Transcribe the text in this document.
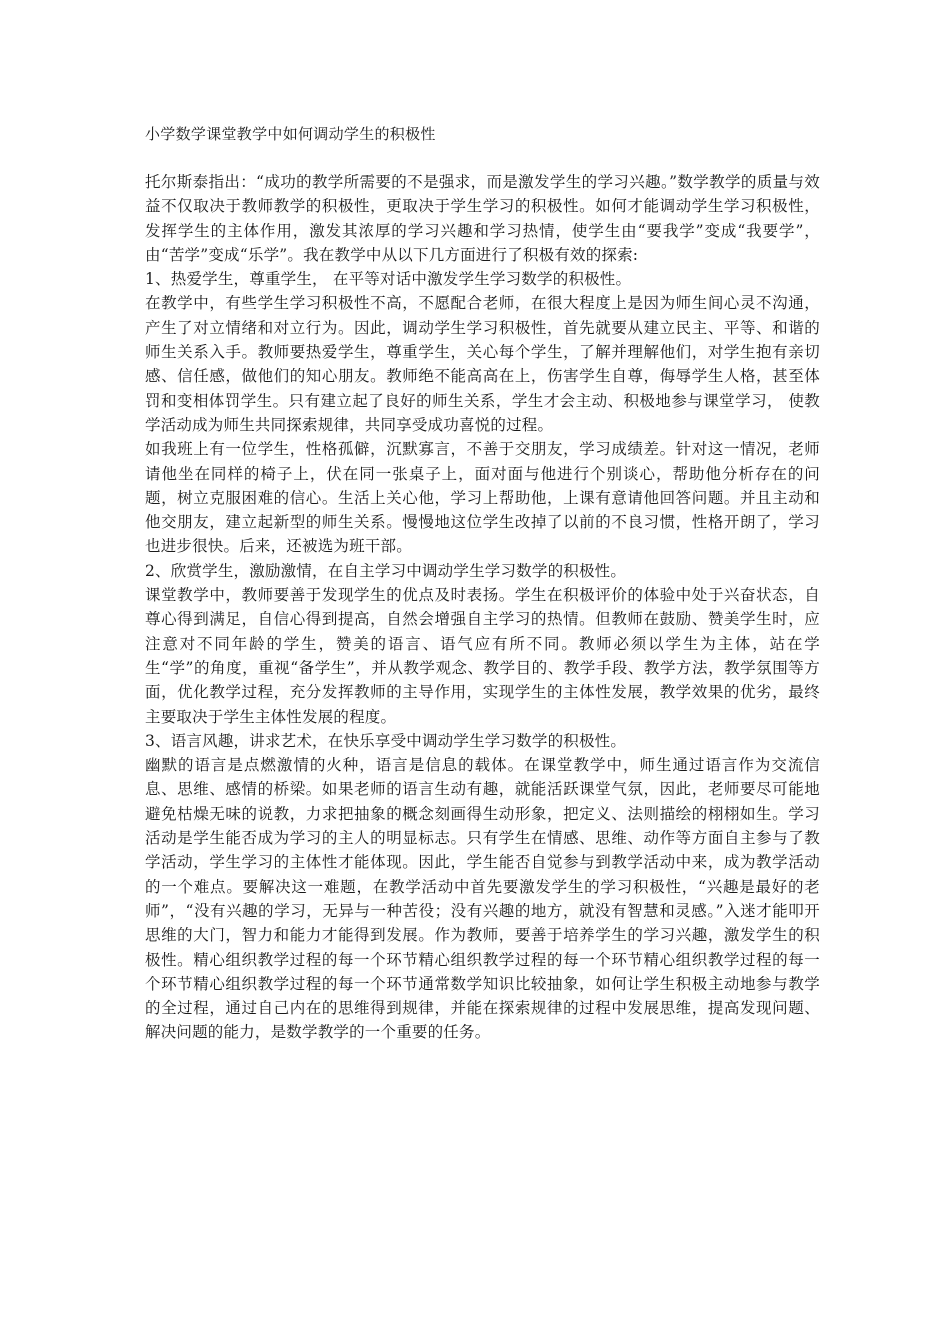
小学数学课堂教学中如何调动学生的积极性

托尔斯泰指出：“成功的教学所需要的不是强求，而是激发学生的学习兴趣。”数学教学的质量与效益不仅取决于教师教学的积极性，更取决于学生学习的积极性。如何才能调动学生学习积极性，发挥学生的主体作用，激发其浓厚的学习兴趣和学习热情，使学生由“要我学”变成“我要学”，由“苦学”变成“乐学”。我在教学中从以下几方面进行了积极有效的探索:

1、热爱学生，尊重学生， 在平等对话中激发学生学习数学的积极性。

在教学中，有些学生学习积极性不高，不愿配合老师，在很大程度上是因为师生间心灵不沟通，产生了对立情绪和对立行为。因此，调动学生学习积极性，首先就要从建立民主、平等、和谐的师生关系入手。教师要热爱学生，尊重学生，关心每个学生，了解并理解他们，对学生抱有亲切感、信任感，做他们的知心朋友。教师绝不能高高在上，伤害学生自尊，侮辱学生人格，甚至体罚和变相体罚学生。只有建立起了良好的师生关系，学生才会主动、积极地参与课堂学习， 使教学活动成为师生共同探索规律，共同享受成功喜悦的过程。

如我班上有一位学生，性格孤僻，沉默寡言，不善于交朋友，学习成绩差。针对这一情况，老师请他坐在同样的椅子上，伏在同一张桌子上，面对面与他进行个别谈心，帮助他分析存在的问题，树立克服困难的信心。生活上关心他，学习上帮助他，上课有意请他回答问题。并且主动和他交朋友，建立起新型的师生关系。慢慢地这位学生改掉了以前的不良习惯，性格开朗了，学习也进步很快。后来，还被选为班干部。

2、欣赏学生，激励激情，在自主学习中调动学生学习数学的积极性。

课堂教学中，教师要善于发现学生的优点及时表扬。学生在积极评价的体验中处于兴奋状态，自尊心得到满足，自信心得到提高，自然会增强自主学习的热情。但教师在鼓励、赞美学生时，应注意对不同年龄的学生，赞美的语言、语气应有所不同。教师必须以学生为主体，站在学生“学”的角度，重视“备学生”，并从教学观念、教学目的、教学手段、教学方法，教学氛围等方面，优化教学过程，充分发挥教师的主导作用，实现学生的主体性发展，教学效果的优劣，最终主要取决于学生主体性发展的程度。

3、语言风趣，讲求艺术，在快乐享受中调动学生学习数学的积极性。

幽默的语言是点燃激情的火种，语言是信息的载体。在课堂教学中，师生通过语言作为交流信息、思维、感情的桥梁。如果老师的语言生动有趣，就能活跃课堂气氛，因此，老师要尽可能地避免枯燥无味的说教，力求把抽象的概念刻画得生动形象，把定义、法则描绘的栩栩如生。学习活动是学生能否成为学习的主人的明显标志。只有学生在情感、思维、动作等方面自主参与了教学活动，学生学习的主体性才能体现。因此，学生能否自觉参与到教学活动中来，成为教学活动的一个难点。要解决这一难题，在教学活动中首先要激发学生的学习积极性，“兴趣是最好的老师”，“没有兴趣的学习，无异与一种苦役；没有兴趣的地方，就没有智慧和灵感。”入迷才能叩开思维的大门，智力和能力才能得到发展。作为教师，要善于培养学生的学习兴趣，激发学生的积极性。精心组织教学过程的每一个环节精心组织教学过程的每一个环节精心组织教学过程的每一个环节精心组织教学过程的每一个环节通常数学知识比较抽象，如何让学生积极主动地参与教学的全过程，通过自己内在的思维得到规律，并能在探索规律的过程中发展思维，提高发现问题、解决问题的能力，是数学教学的一个重要的任务。
